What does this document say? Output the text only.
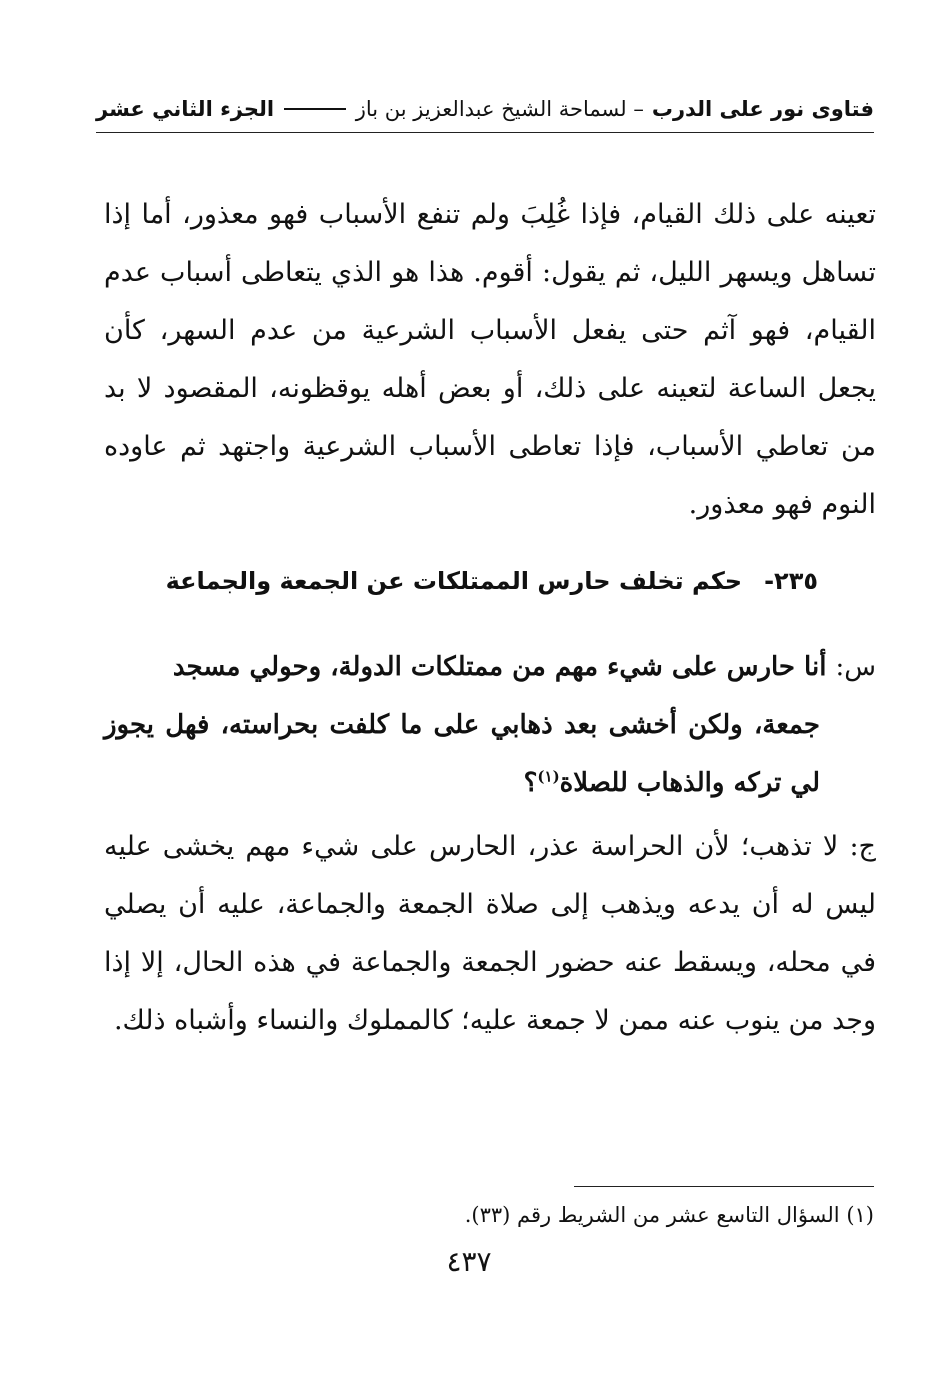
فتاوى نور على الدرب
– لسماحة الشيخ عبدالعزيز بن باز
الجزء الثاني عشر
تعينه على ذلك القيام، فإذا غُلِبَ ولم تنفع الأسباب فهو معذور، أما إذا تساهل ويسهر الليل، ثم يقول: أقوم. هذا هو الذي يتعاطى أسباب عدم القيام، فهو آثم حتى يفعل الأسباب الشرعية من عدم السهر، كأن يجعل الساعة لتعينه على ذلك، أو بعض أهله يوقظونه، المقصود لا بد من تعاطي الأسباب، فإذا تعاطى الأسباب الشرعية واجتهد ثم عاوده النوم فهو معذور.
٢٣٥-حكم تخلف حارس الممتلكات عن الجمعة والجماعة
س: أنا حارس على شيء مهم من ممتلكات الدولة، وحولي مسجد
جمعة، ولكن أخشى بعد ذهابي على ما كلفت بحراسته، فهل يجوز لي تركه والذهاب للصلاة$^{(١)}$؟
ج: لا تذهب؛ لأن الحراسة عذر، الحارس على شيء مهم يخشى عليه ليس له أن يدعه ويذهب إلى صلاة الجمعة والجماعة، عليه أن يصلي في محله، ويسقط عنه حضور الجمعة والجماعة في هذه الحال، إلا إذا وجد من ينوب عنه ممن لا جمعة عليه؛ كالمملوك والنساء وأشباه ذلك.
(١) السؤال التاسع عشر من الشريط رقم (٣٣).
٤٣٧
